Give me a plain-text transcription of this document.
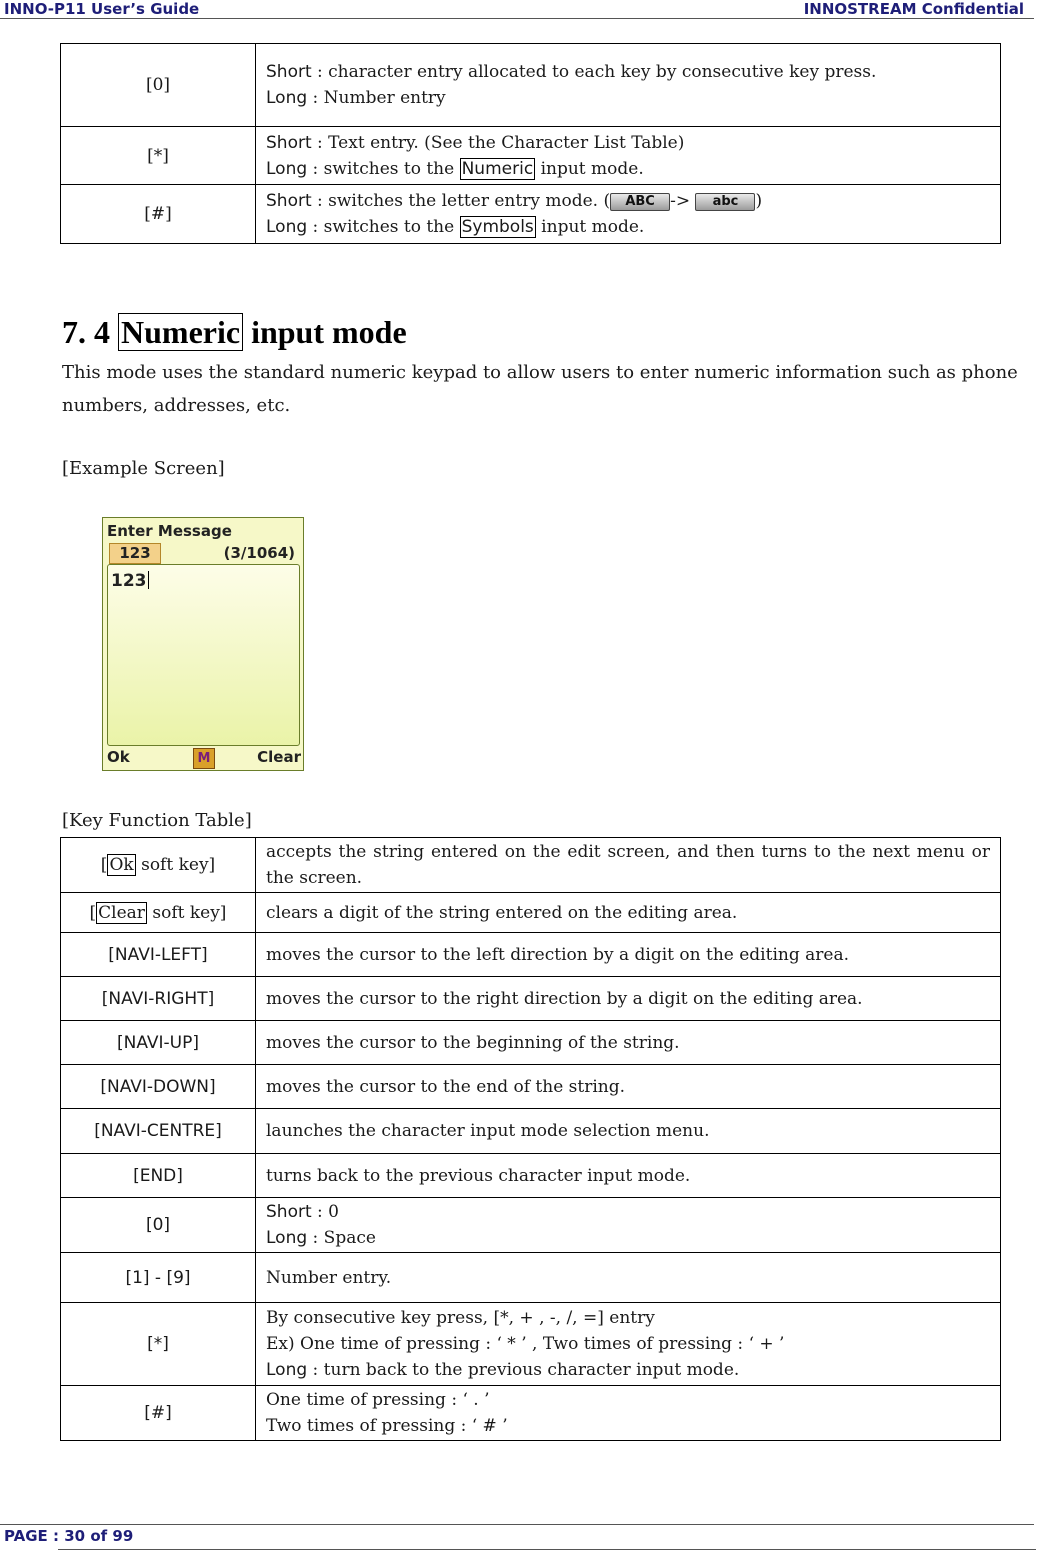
INNO-P11 User’s Guide	INNOSTREAM Confidential
[0]	Short : character entry allocated to each key by consecutive key press.
Long : Number entry
[*]	Short : Text entry. (See the Character List Table)
Long : switches to the Numeric input mode.
[#]	Short : switches the letter entry mode. ( ABC -> abc )
Long : switches to the Symbols input mode.
7. 4 Numeric input mode
This mode uses the standard numeric keypad to allow users to enter numeric information such as phone numbers, addresses, etc.
[Example Screen]
Enter Message
123	(3/1064)
123
Ok	M	Clear
[Key Function Table]
[ Ok soft key]	accepts the string entered on the edit screen, and then turns to the next menu or the screen.
[ Clear soft key]	clears a digit of the string entered on the editing area.
[NAVI-LEFT]	moves the cursor to the left direction by a digit on the editing area.
[NAVI-RIGHT]	moves the cursor to the right direction by a digit on the editing area.
[NAVI-UP]	moves the cursor to the beginning of the string.
[NAVI-DOWN]	moves the cursor to the end of the string.
[NAVI-CENTRE]	launches the character input mode selection menu.
[END]	turns back to the previous character input mode.
[0]	Short : 0
Long : Space
[1] - [9]	Number entry.
[*]	By consecutive key press, [*, + , -, /, =] entry
Ex) One time of pressing : ‘ * ’ , Two times of pressing : ‘ + ’
Long : turn back to the previous character input mode.
[#]	One time of pressing : ‘ . ’
Two times of pressing : ‘ # ’
PAGE : 30 of 99
